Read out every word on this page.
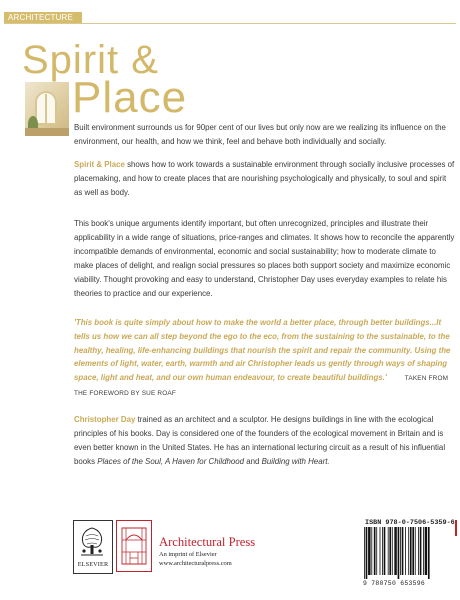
ARCHITECTURE
Spirit &
Place

Built environment surrounds us for 90per cent of our lives but only now are we realizing its influence on the environment, our health, and how we think, feel and behave both individually and socially.

Spirit & Place shows how to work towards a sustainable environment through socially inclusive processes of placemaking, and how to create places that are nourishing psychologically and physically, to soul and spirit as well as body.

This book's unique arguments identify important, but often unrecognized, principles and illustrate their applicability in a wide range of situations, price-ranges and climates. It shows how to reconcile the apparently incompatible demands of environmental, economic and social sustainability; how to moderate climate to make places of delight, and realign social pressures so places both support society and maximize economic viability. Thought provoking and easy to understand, Christopher Day uses everyday examples to relate his theories to practice and our experience.

'This book is quite simply about how to make the world a better place, through better buildings...It tells us how we can all step beyond the ego to the eco, from the sustaining to the sustainable, to the healthy, healing, life-enhancing buildings that nourish the spirit and repair the community. Using the elements of light, water, earth, warmth and air Christopher leads us gently through ways of shaping space, light and heat, and our own human endeavour, to create beautiful buildings.'	TAKEN FROM THE FOREWORD BY SUE ROAF

Christopher Day trained as an architect and a sculptor. He designs buildings in line with the ecological principles of his books. Day is considered one of the founders of the ecological movement in Britain and is even better known in the United States. He has an international lecturing circuit as a result of his influential books Places of the Soul, A Haven for Childhood and Building with Heart.

ELSEVIER
Architectural Press
An imprint of Elsevier
www.architecturalpress.com
ISBN 978-0-7506-5359-6
9 780750 653596
